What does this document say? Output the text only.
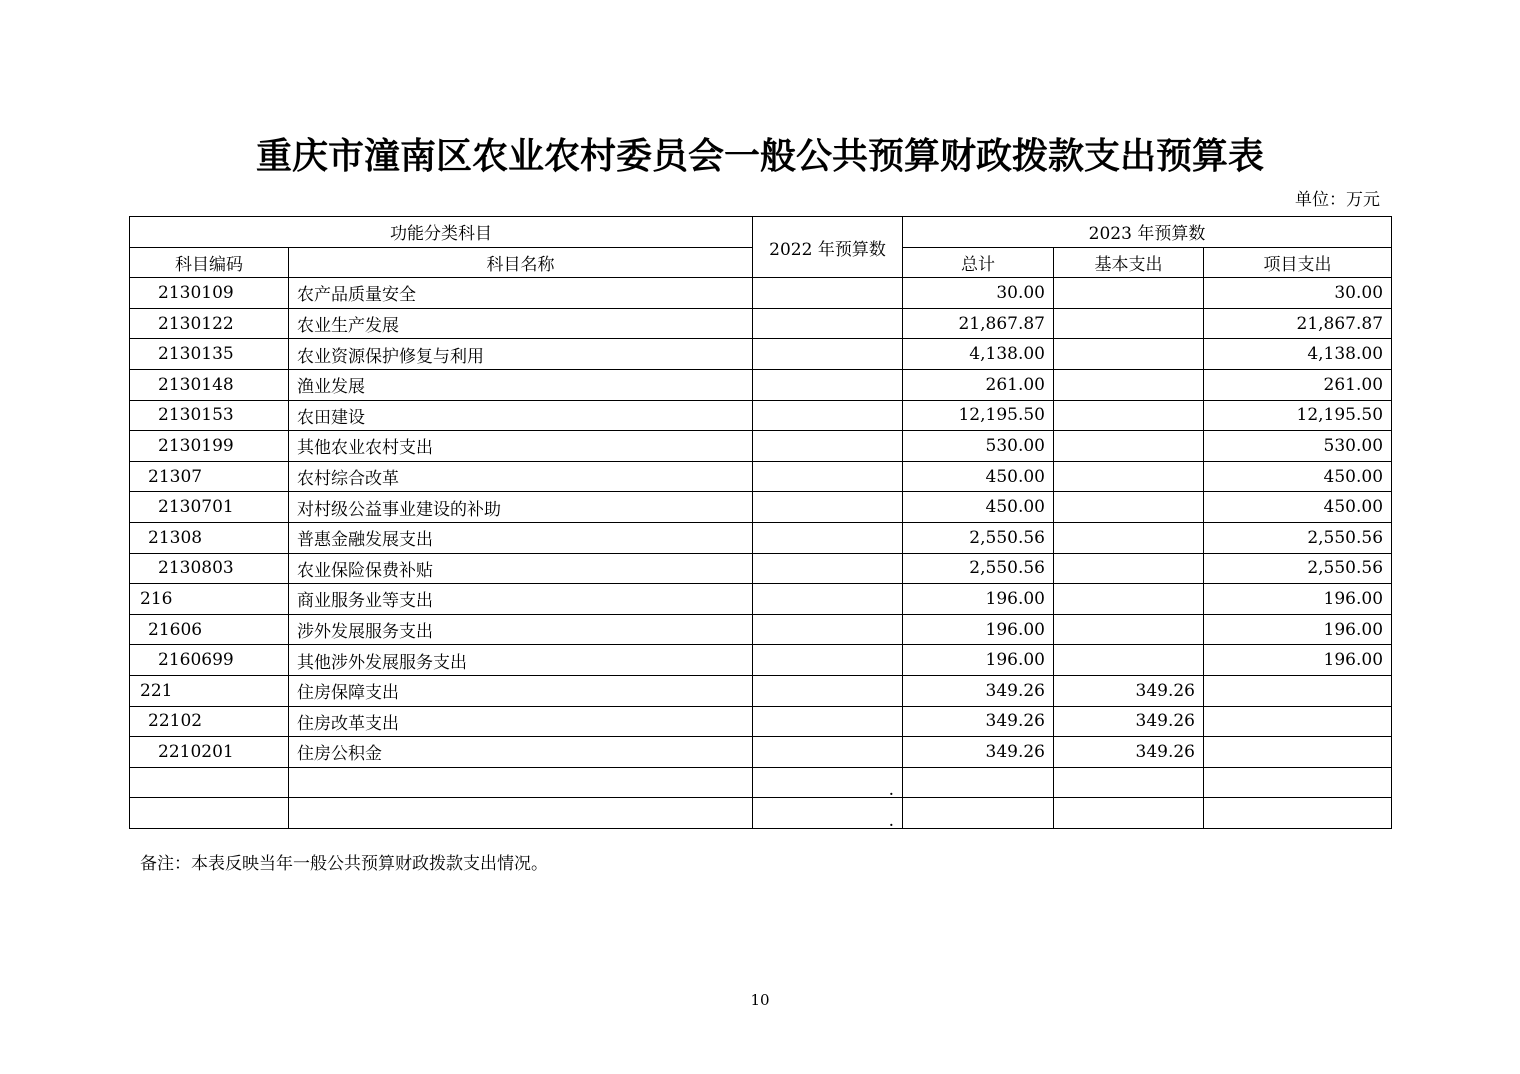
重庆市潼南区农业农村委员会一般公共预算财政拨款支出预算表
单位：万元
功能分类科目		2022 年预算数	2023 年预算数		
科目编码	科目名称		总计	基本支出	项目支出
2130109	农产品质量安全		30.00		30.00
2130122	农业生产发展		21,867.87		21,867.87
2130135	农业资源保护修复与利用		4,138.00		4,138.00
2130148	渔业发展		261.00		261.00
2130153	农田建设		12,195.50		12,195.50
2130199	其他农业农村支出		530.00		530.00
21307	农村综合改革		450.00		450.00
2130701	对村级公益事业建设的补助		450.00		450.00
21308	普惠金融发展支出		2,550.56		2,550.56
2130803	农业保险保费补贴		2,550.56		2,550.56
216	商业服务业等支出		196.00		196.00
21606	涉外发展服务支出		196.00		196.00
2160699	其他涉外发展服务支出		196.00		196.00
221	住房保障支出		349.26	349.26	
22102	住房改革支出		349.26	349.26	
2210201	住房公积金		349.26	349.26	
		.			
		.			
备注：本表反映当年一般公共预算财政拨款支出情况。
10
